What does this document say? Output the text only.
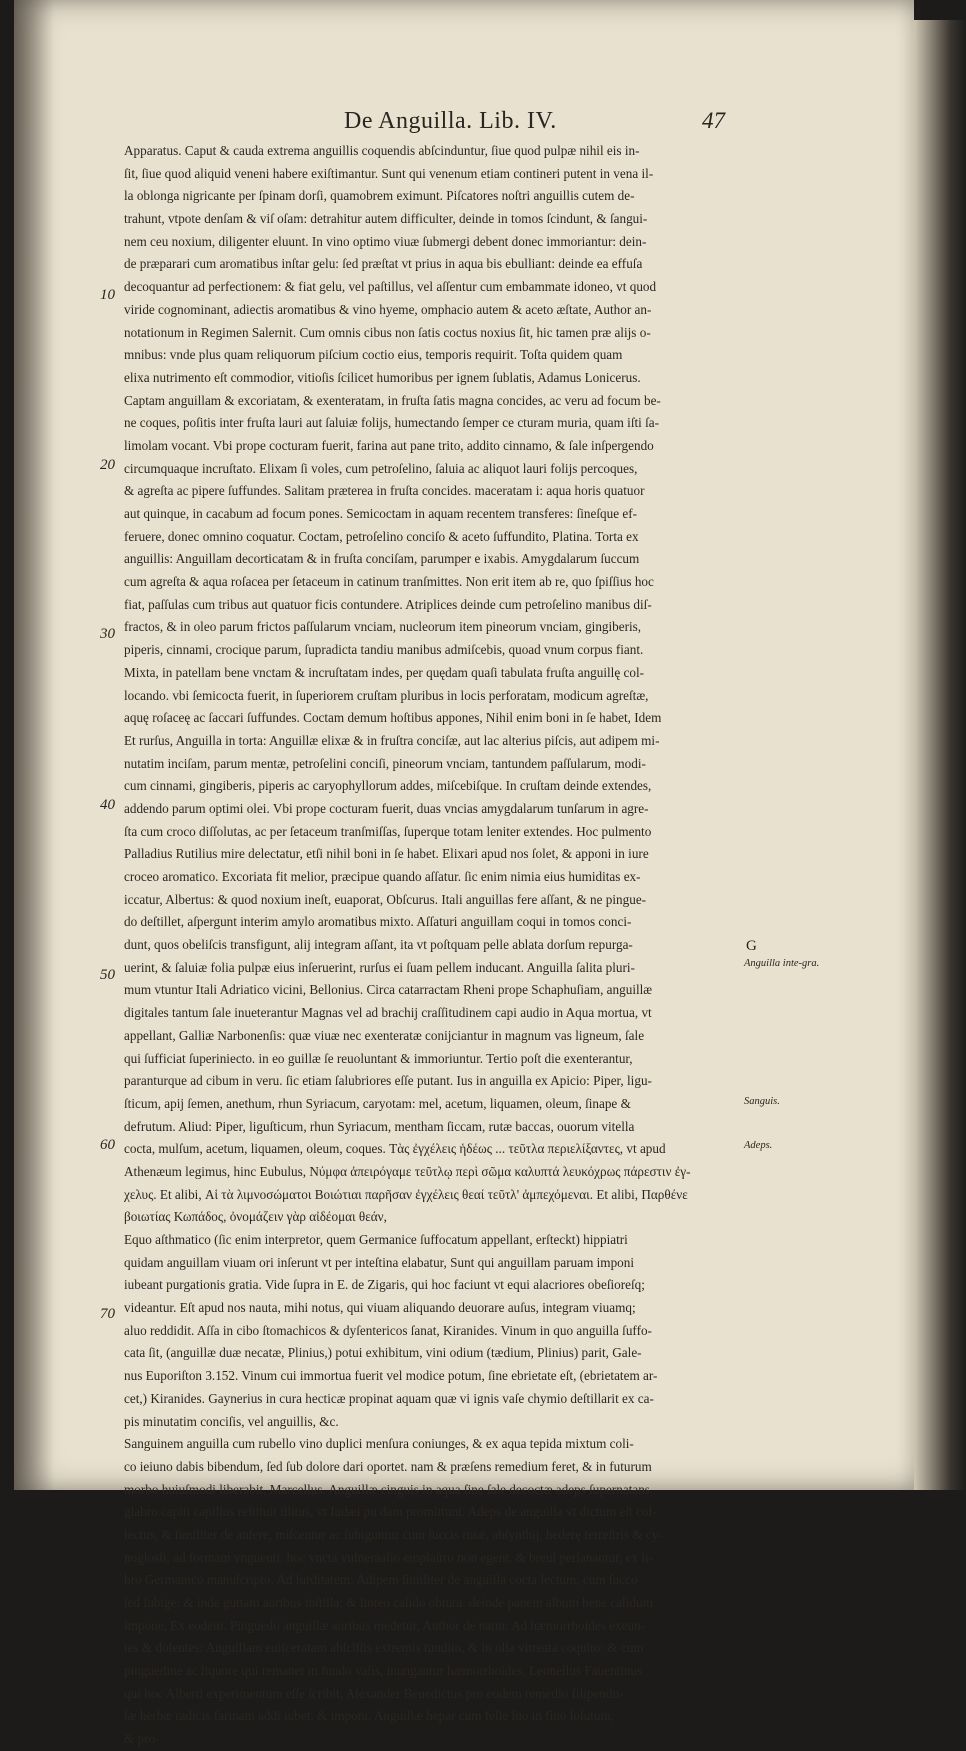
De Anguilla. Lib. IV.	47
10
20
30
40
50
60
70
Apparatus. Caput & cauda extrema anguillis coquendis abſcinduntur, ſiue quod pulpæ nihil eis in-
ſit, ſiue quod aliquid veneni habere exiſtimantur. Sunt qui venenum etiam contineri putent in vena il-
la oblonga nigricante per ſpinam dorſi, quamobrem eximunt. Piſcatores noſtri anguillis cutem de-
trahunt, vtpote denſam & viſ oſam: detrahitur autem difficulter, deinde in tomos ſcindunt, & ſangui-
nem ceu noxium, diligenter eluunt. In vino optimo viuæ ſubmergi debent donec immoriantur: dein-
de præparari cum aromatibus inſtar gelu: ſed præſtat vt prius in aqua bis ebulliant: deinde ea effuſa
decoquantur ad perfectionem: & fiat gelu, vel paſtillus, vel aſſentur cum embammate idoneo, vt quod
viride cognominant, adiectis aromatibus & vino hyeme, omphacio autem & aceto æſtate, Author an-
notationum in Regimen Salernit. Cum omnis cibus non ſatis coctus noxius ſit, hic tamen præ alijs o-
mnibus: vnde plus quam reliquorum piſcium coctio eius, temporis requirit. Toſta quidem quam
elixa nutrimento eſt commodior, vitioſis ſcilicet humoribus per ignem ſublatis, Adamus Lonicerus.
Captam anguillam & excoriatam, & exenteratam, in fruſta ſatis magna concides, ac veru ad focum be-
ne coques, poſitis inter fruſta lauri aut ſaluiæ folijs, humectando ſemper ce cturam muria, quam iſti ſa-
limolam vocant. Vbi prope cocturam fuerit, farina aut pane trito, addito cinnamo, & ſale inſpergendo
circumquaque incruſtato. Elixam ſi voles, cum petroſelino, ſaluia ac aliquot lauri folijs percoques,
& agreſta ac pipere ſuffundes. Salitam præterea in fruſta concides. maceratam i: aqua horis quatuor
aut quinque, in cacabum ad focum pones. Semicoctam in aquam recentem transferes: ſineſque ef-
feruere, donec omnino coquatur. Coctam, petroſelino conciſo & aceto ſuffundito, Platina. Torta ex
anguillis: Anguillam decorticatam & in fruſta conciſam, parumper e ixabis. Amygdalarum ſuccum
cum agreſta & aqua roſacea per ſetaceum in catinum tranſmittes. Non erit item ab re, quo ſpiſſius hoc
fiat, paſſulas cum tribus aut quatuor ficis contundere. Atriplices deinde cum petroſelino manibus diſ-
fractos, & in oleo parum frictos paſſularum vnciam, nucleorum item pineorum vnciam, gingiberis,
piperis, cinnami, crocique parum, ſupradicta tandiu manibus admiſcebis, quoad vnum corpus fiant.
Mixta, in patellam bene vnctam & incruſtatam indes, per quędam quaſi tabulata fruſta anguillę col-
locando. vbi ſemicocta fuerit, in ſuperiorem cruſtam pluribus in locis perforatam, modicum agreſtæ,
aquę roſaceę ac ſaccari ſuffundes. Coctam demum hoſtibus appones, Nihil enim boni in ſe habet, Idem
Et rurſus, Anguilla in torta: Anguillæ elixæ & in fruſtra conciſæ, aut lac alterius piſcis, aut adipem mi-
nutatim inciſam, parum mentæ, petroſelini conciſi, pineorum vnciam, tantundem paſſularum, modi-
cum cinnami, gingiberis, piperis ac caryophyllorum addes, miſcebiſque. In cruſtam deinde extendes,
addendo parum optimi olei. Vbi prope cocturam fuerit, duas vncias amygdalarum tunſarum in agre-
ſta cum croco diſſolutas, ac per ſetaceum tranſmiſſas, ſuperque totam leniter extendes. Hoc pulmento
Palladius Rutilius mire delectatur, etſi nihil boni in ſe habet. Elixari apud nos ſolet, & apponi in iure
croceo aromatico. Excoriata fit melior, præcipue quando aſſatur. ſic enim nimia eius humiditas ex-
iccatur, Albertus: & quod noxium ineſt, euaporat, Obſcurus. Itali anguillas fere aſſant, & ne pingue-
do deſtillet, aſpergunt interim amylo aromatibus mixto. Aſſaturi anguillam coqui in tomos conci-
dunt, quos obeliſcis transfigunt, alij integram aſſant, ita vt poſtquam pelle ablata dorſum repurga-
uerint, & ſaluiæ folia pulpæ eius inſeruerint, rurſus ei ſuam pellem inducant. Anguilla ſalita pluri-
mum vtuntur Itali Adriatico vicini, Bellonius. Circa catarractam Rheni prope Schaphuſiam, anguillæ
digitales tantum ſale inueterantur Magnas vel ad brachij craſſitudinem capi audio in Aqua mortua, vt
appellant, Galliæ Narbonenſis: quæ viuæ nec exenteratæ conijciantur in magnum vas ligneum, ſale
qui ſufficiat ſuperiniecto. in eo guillæ ſe reuoluntant & immoriuntur. Tertio poſt die exenterantur,
paranturque ad cibum in veru. ſic etiam ſalubriores eſſe putant. Ius in anguilla ex Apicio: Piper, ligu-
ſticum, apij ſemen, anethum, rhun Syriacum, caryotam: mel, acetum, liquamen, oleum, ſinape &
defrutum. Aliud: Piper, liguſticum, rhun Syriacum, mentham ſiccam, rutæ baccas, ouorum vitella
cocta, mulſum, acetum, liquamen, oleum, coques. Τὰς ἐγχέλεις ἡδέως ... τεῦτλα περιελίξαντες, vt apud
Athenæum legimus, hinc Eubulus, Νύμφα ἀπειρόγαμε τεῦτλῳ περὶ σῶμα καλυπτά λευκόχρως πάρεστιν ἐγ-
χελυς. Et alibi, Αἱ τὰ λιμνοσώματοι Βοιώτιαι παρῆσαν ἐγχέλεις θεαί τεῦτλ' ἀμπεχόμεναι. Et alibi, Παρθένε
βοιωτίας Κωπάδος, ὀνομάζειν γὰρ αἰδέομαι θεάν,
Equo aſthmatico (ſic enim interpretor, quem Germanice ſuffocatum appellant, erſteckt) hippiatri
quidam anguillam viuam ori inſerunt vt per inteſtina elabatur, Sunt qui anguillam paruam imponi
iubeant purgationis gratia. Vide ſupra in E. de Zigaris, qui hoc faciunt vt equi alacriores obeſioreſq;
videantur. Eſt apud nos nauta, mihi notus, qui viuam aliquando deuorare auſus, integram viuamq;
aluo reddidit. Aſſa in cibo ſtomachicos & dyſentericos ſanat, Kiranides. Vinum in quo anguilla ſuffo-
cata ſit, (anguillæ duæ necatæ, Plinius,) potui exhibitum, vini odium (tædium, Plinius) parit, Gale-
nus Euporiſton 3.152. Vinum cui immortua fuerit vel modice potum, ſine ebrietate eſt, (ebrietatem ar-
cet,) Kiranides. Gaynerius in cura hecticæ propinat aquam quæ vi ignis vaſe chymio deſtillarit ex ca-
pis minutatim conciſis, vel anguillis, &c.
Sanguinem anguilla cum rubello vino duplici menſura coniunges, & ex aqua tepida mixtum coli-
co ieiuno dabis bibendum, ſed ſub dolore dari oportet. nam & præſens remedium feret, & in futurum
morbo huiuſmodi liberabit, Marcellus. Anguillæ cinguis in aqua ſine ſale decoctæ adeps ſupernatans
glabro capiti capillos reſtituit illitus, vt Iudæi pu dam promittunt. Adeps de anguilla vt dictum eſt col-
lectus, & ſimiliter de anſere, miſcentur ac ſubiguntur cum ſuccis rutæ, abſynthij, hederę terreſtris & cy-
noglosſi, ad formam vnguenti. hoc vncta vulneraalio emplaſtro non egent, & breui perſanantur, ex li-
bro Germanico manuſcripto. Ad ſurditatem: Adipem ſimiliter de anguilla cocta lectum, cum ſucco
ſed ſubige: & inde guttam auribus inſtilla: & linteo calido obtura. deinde panem album bene calidum
impone, Ex eodem. Pinguedo anguillæ auribus medetur, Author de natur. Ad hæmorrhoides exeun-
tes & dolentes: Anguillam euiſceratam abſciſſis extremis tundito, & in olla vitreata coquito: & cum
pinguedine ac liquore qui remanet in fundo vaſis, inungantur hæmorrhoides, Leonellus Fauentinus
qui hoc Alberti experimentum eſſe ſcribit, Alexander Benedictus pro eodem remedio filipendu-
læ herbæ radicis farinam addi iubet, & imponi. Anguillæ hepar cum felle ſuo in fino ſolutum,
& pro-
G
Anguilla inte-gra.
Sanguis.
Adeps.
